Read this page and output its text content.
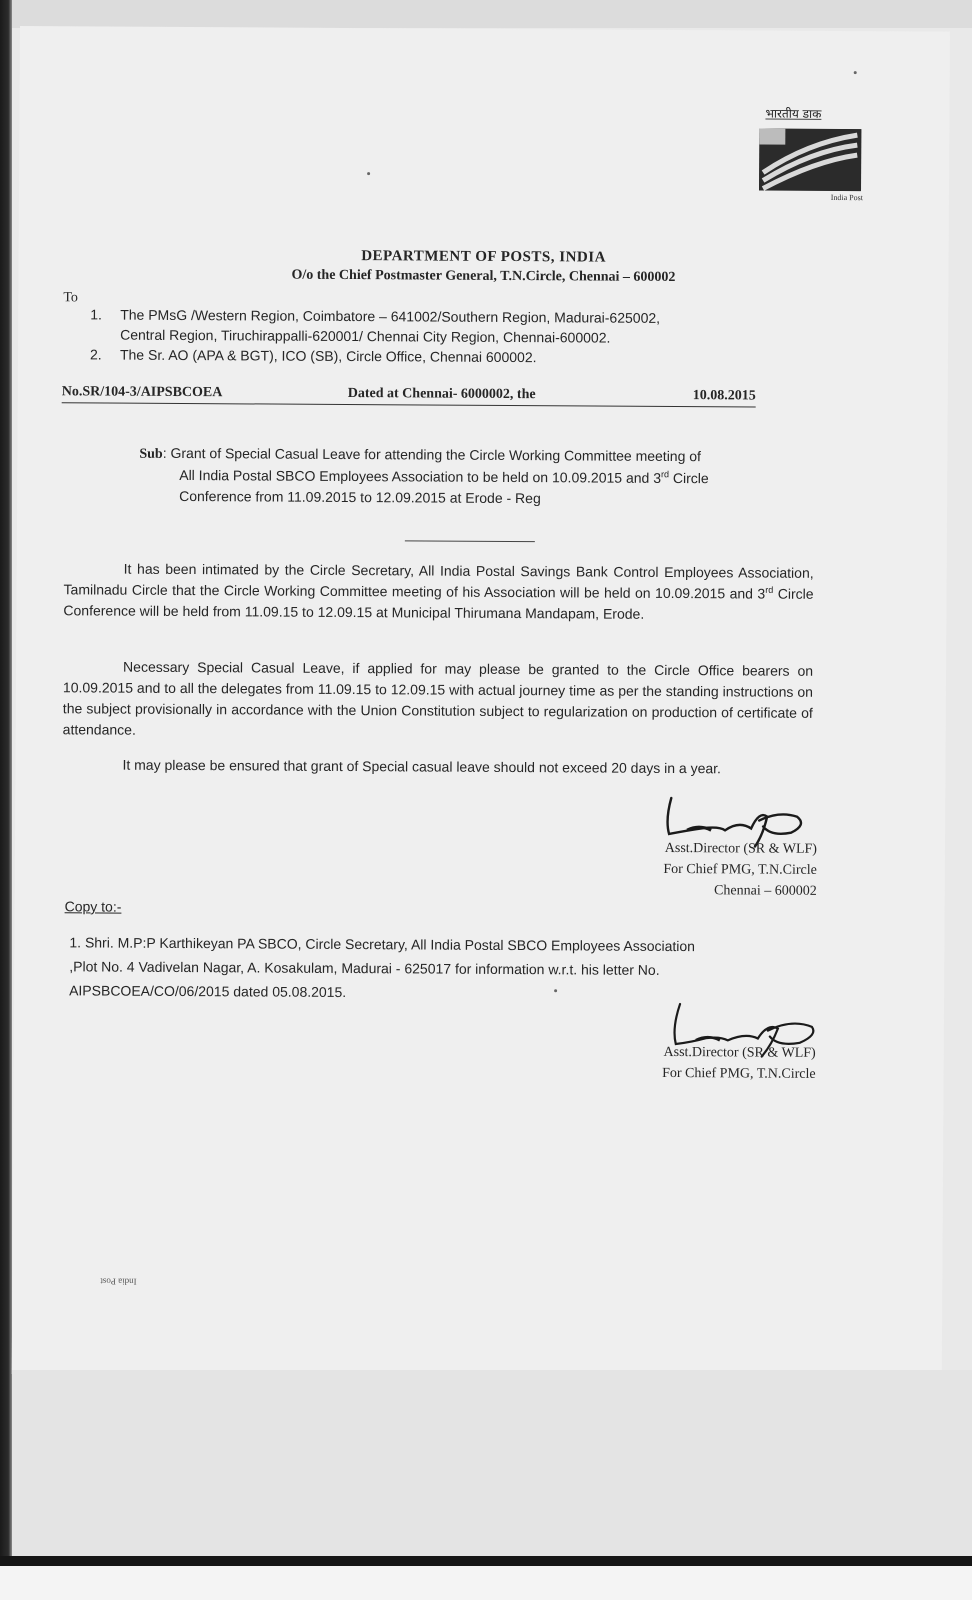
भारतीय डाक
India Post
DEPARTMENT OF POSTS, INDIA
O/o the Chief Postmaster General, T.N.Circle, Chennai – 600002
To
1. The PMsG /Western Region, Coimbatore – 641002/Southern Region, Madurai-625002,
Central Region, Tiruchirappalli-620001/ Chennai City Region, Chennai-600002.
2. The Sr. AO (APA & BGT), ICO (SB), Circle Office, Chennai 600002.
No.SR/104-3/AIPSBCOEA	Dated at Chennai- 6000002, the	10.08.2015
Sub: Grant of Special Casual Leave for attending the Circle Working Committee meeting of
All India Postal SBCO Employees Association to be held on 10.09.2015 and 3rd Circle
Conference from 11.09.2015 to 12.09.2015 at Erode - Reg
It has been intimated by the Circle Secretary, All India Postal Savings Bank Control Employees Association, Tamilnadu Circle that the Circle Working Committee meeting of his Association will be held on 10.09.2015 and 3rd Circle Conference will be held from 11.09.15 to 12.09.15 at Municipal Thirumana Mandapam, Erode.
Necessary Special Casual Leave, if applied for may please be granted to the Circle Office bearers on 10.09.2015 and to all the delegates from 11.09.15 to 12.09.15 with actual journey time as per the standing instructions on the subject provisionally in accordance with the Union Constitution subject to regularization on production of certificate of attendance.
It may please be ensured that grant of Special casual leave should not exceed 20 days in a year.
Asst.Director (SR & WLF)
For Chief PMG, T.N.Circle
Chennai – 600002
Copy to:-
1. Shri. M.P:P Karthikeyan PA SBCO, Circle Secretary, All India Postal SBCO Employees Association
,Plot No. 4 Vadivelan Nagar, A. Kosakulam, Madurai - 625017 for information w.r.t. his letter No.
AIPSBCOEA/CO/06/2015 dated 05.08.2015.
Asst.Director (SR & WLF)
For Chief PMG, T.N.Circle
India Post
